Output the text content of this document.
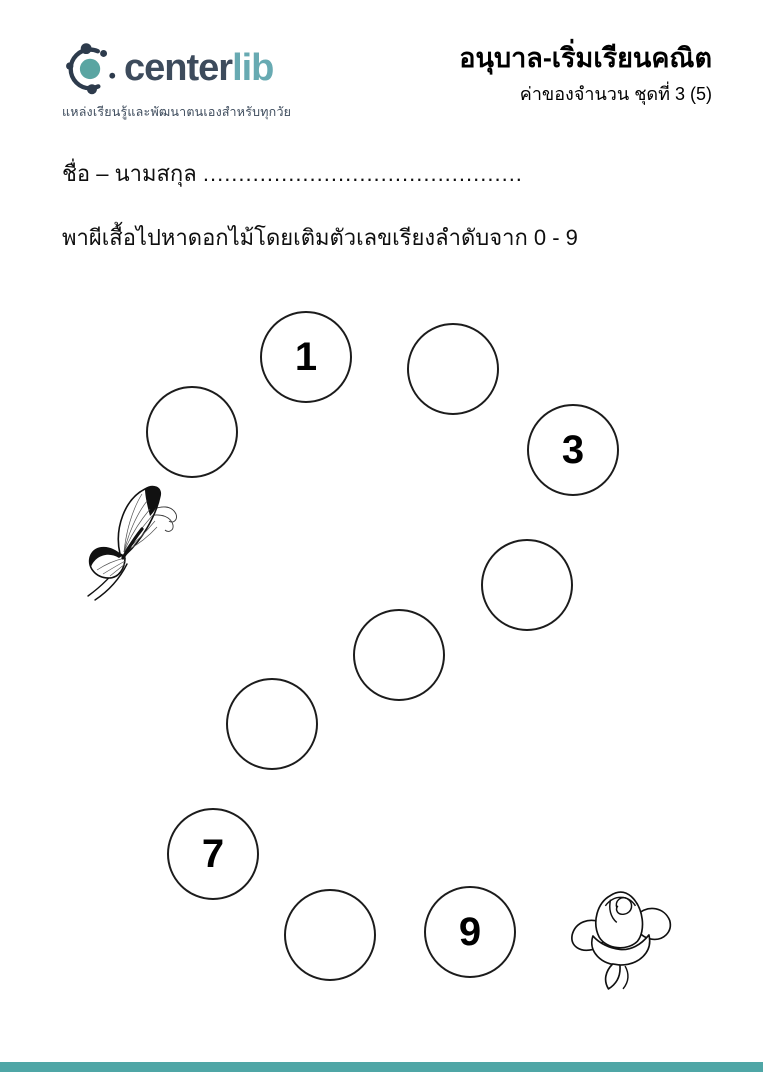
centerlib
แหล่งเรียนรู้และพัฒนาตนเองสำหรับทุกวัย
อนุบาล-เริ่มเรียนคณิต
ค่าของจำนวน ชุดที่ 3 (5)
ชื่อ – นามสกุล .............................................
พาผีเสื้อไปหาดอกไม้โดยเติมตัวเลขเรียงลำดับจาก 0 - 9
1
3
7
9
